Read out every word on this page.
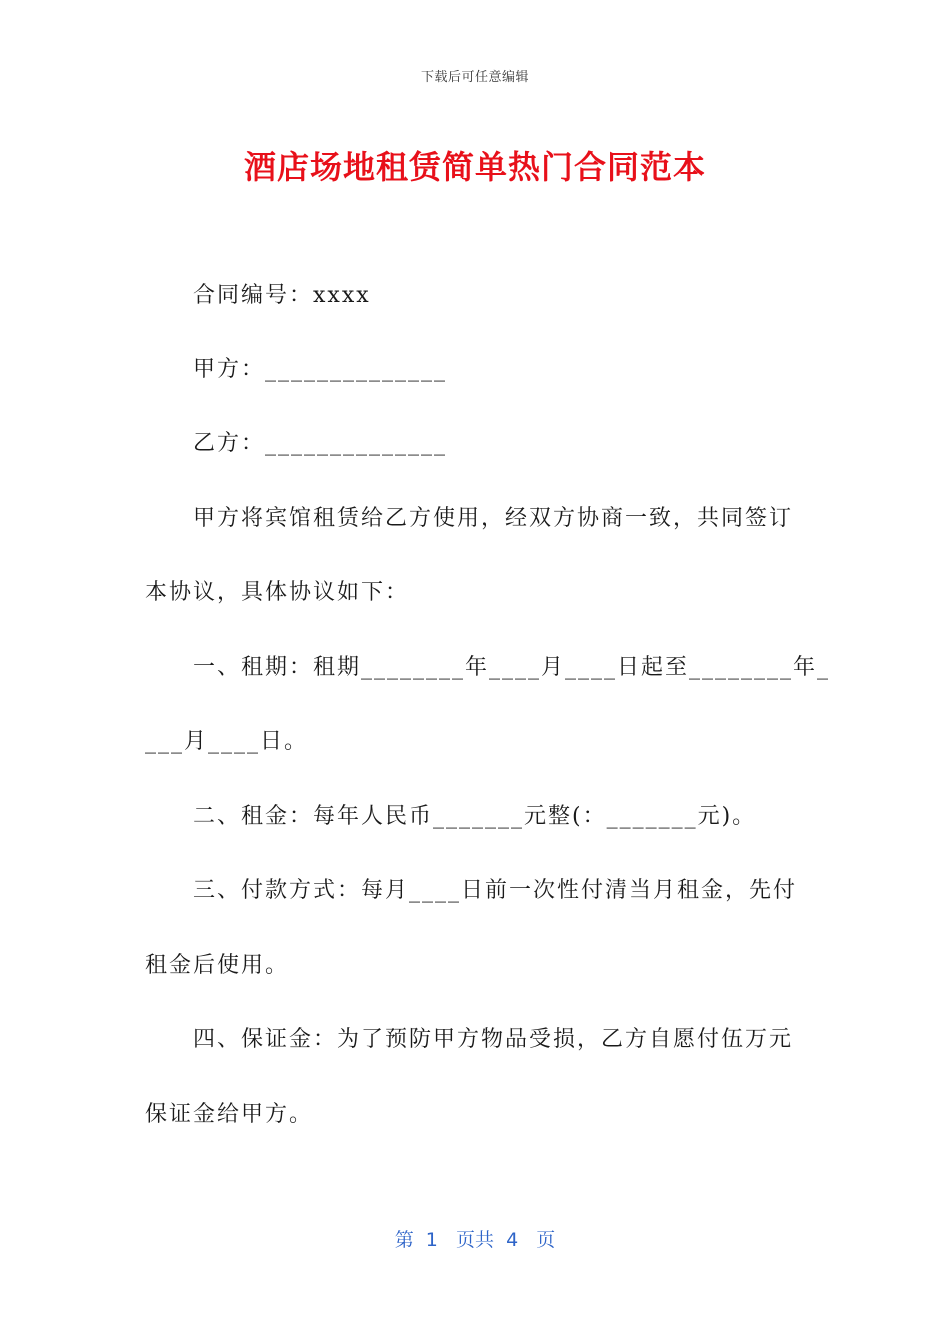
下载后可任意编辑
酒店场地租赁简单热门合同范本
合同编号：xxxx
甲方：______________
乙方：______________
甲方将宾馆租赁给乙方使用，经双方协商一致，共同签订
本协议，具体协议如下：
一、租期：租期________年____月____日起至________年_
___月____日。
二、租金：每年人民币_______元整(：_______元)。
三、付款方式：每月____日前一次性付清当月租金，先付
租金后使用。
四、保证金：为了预防甲方物品受损，乙方自愿付伍万元
保证金给甲方。
第  1   页共  4   页
